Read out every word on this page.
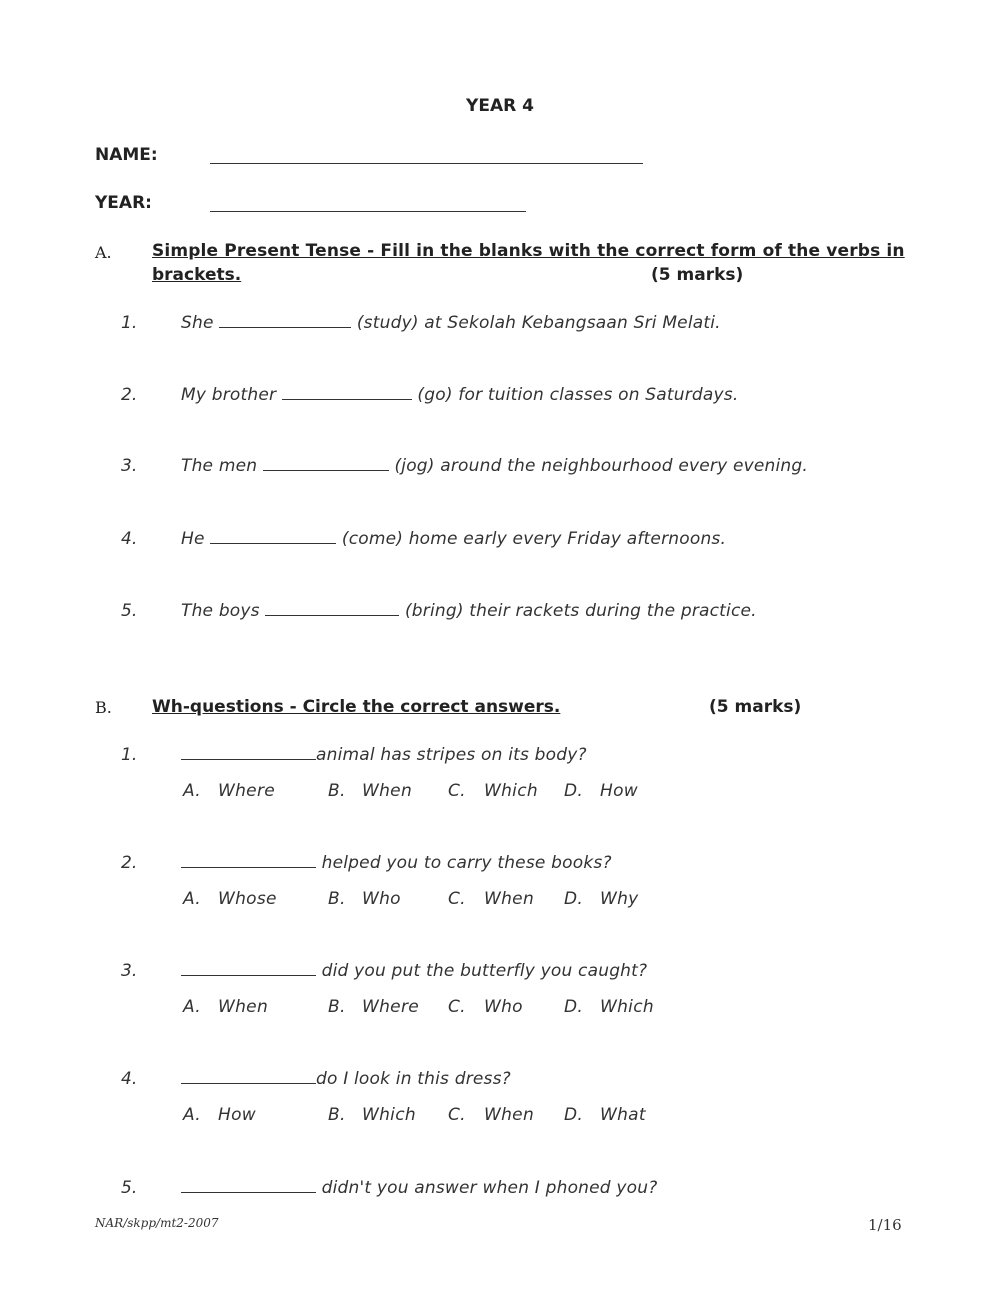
YEAR 4
NAME:
YEAR:
A. Simple Present Tense - Fill in the blanks with the correct form of the verbs in
brackets.	(5 marks)
1.	She	(study) at Sekolah Kebangsaan Sri Melati.
2.	My brother	(go) for tuition classes on Saturdays.
3.	The men	(jog) around the neighbourhood every evening.
4.	He	(come) home early every Friday afternoons.
5.	The boys	(bring) their rackets during the practice.
B. Wh-questions - Circle the correct answers.	(5 marks)
1.	animal has stripes on its body?
A. Where	B. When C. Which D. How
2.	helped you to carry these books?
A. Whose	B. Who	C. When D. Why
3.	did you put the butterfly you caught?
A. When	B. Where C. Who D. Which
4.	do I look in this dress?
A. How	B. Which C. When D. What
5.	didn't you answer when I phoned you?
NAR/skpp/mt2-2007	1/16
